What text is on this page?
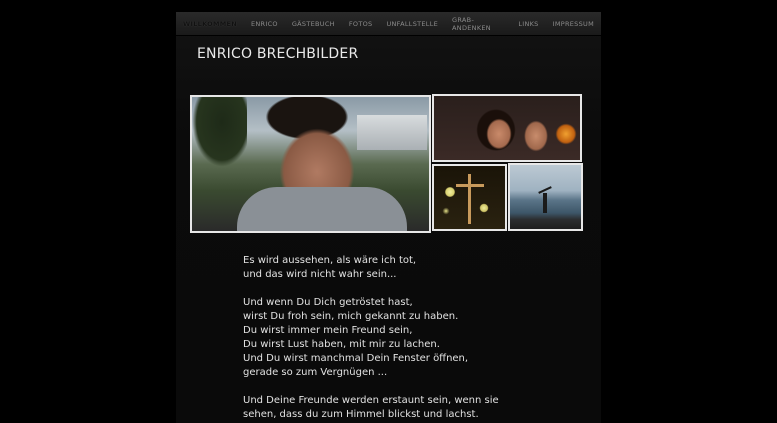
WILLKOMMEN	ENRICO	GÄSTEBUCH	FOTOS	UNFALLSTELLE	GRAB-ANDENKEN	LINKS	IMPRESSUM
ENRICO BRECHBILDER
Es wird aussehen, als wäre ich tot,
und das wird nicht wahr sein...
Und wenn Du Dich getröstet hast,
wirst Du froh sein, mich gekannt zu haben.
Du wirst immer mein Freund sein,
Du wirst Lust haben, mit mir zu lachen.
Und Du wirst manchmal Dein Fenster öffnen,
gerade so zum Vergnügen ...
Und Deine Freunde werden erstaunt sein, wenn sie
sehen, dass du zum Himmel blickst und lachst.
